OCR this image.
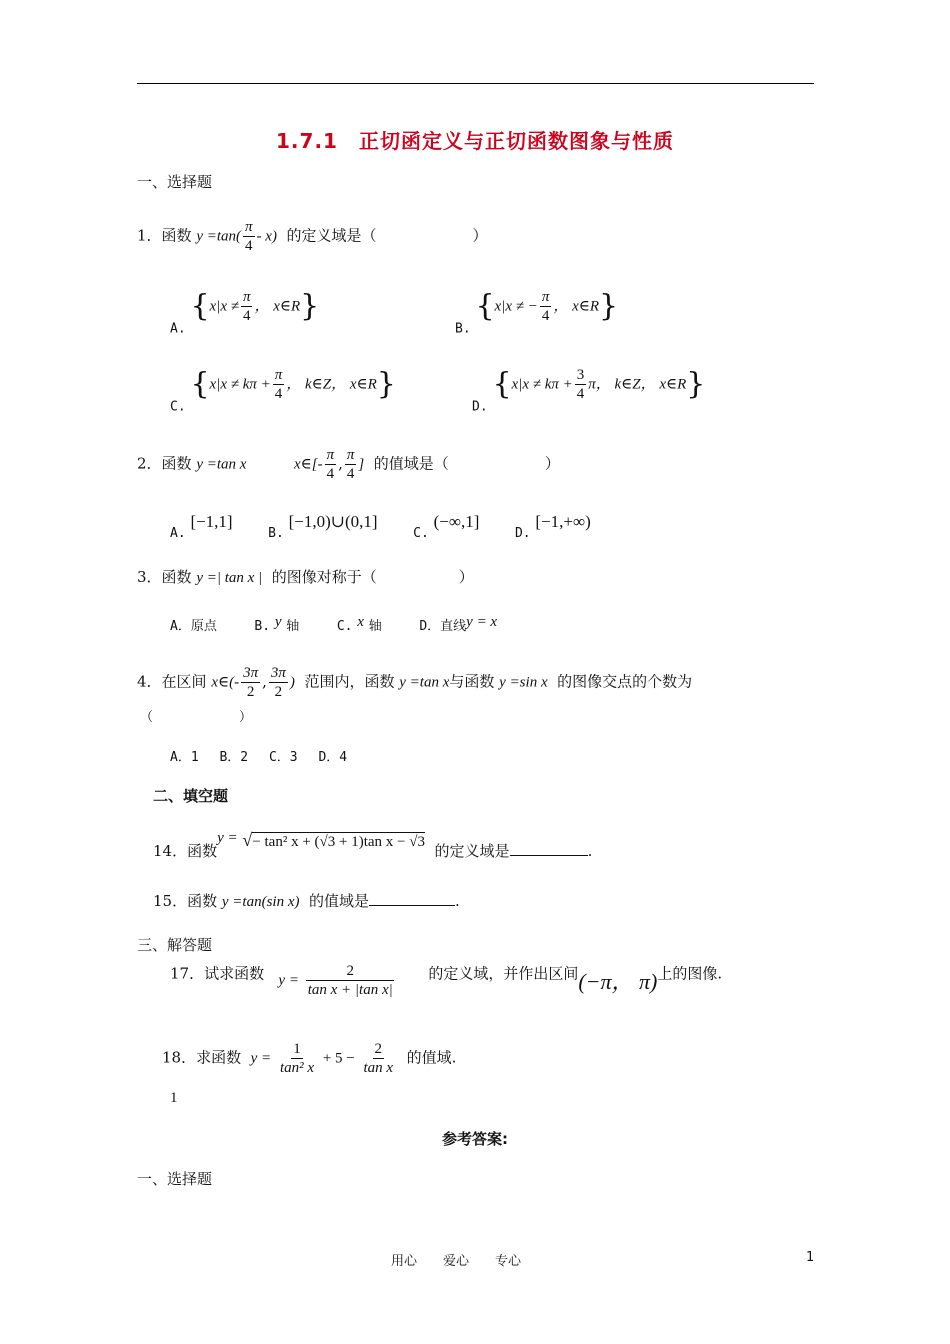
1.7.1　正切函定义与正切函数图象与性质
一、选择题
1．函数 $y =\tan( \frac{\pi}{4} - x)$ 的定义域是（	）
A. {$x|x \ne \frac{\pi}{4}$ ， x∈R}
B. {x|x ≠ − $\frac{\pi}{4}$ ， x∈R}
C. {$x|x \ne k\pi + \frac{\pi}{4}$ ， k∈Z， x∈R}
D. {$x|x \ne k\pi + \frac{3}{4}$ π， k∈Z， x∈R}
2．函数 y =tan x	x∈[- $\frac{\pi}{4}$ , $\frac{\pi}{4}$ ] 的值域是（	）
A. [−1,1]  B. [−1,0)∪(0,1]  C. (−∞,1]  D. [−1,+∞)
3．函数 y =| tan x | 的图像对称于（	）
A．原点	B. y 轴	C. x 轴	D．直线y = x
4．在区间 x∈(- $\frac{3\pi}{2}$ , $\frac{3\pi}{2}$ ) 范围内，函数 y =tan x与函数 y =sin x 的图像交点的个数为
（	）
A．1　 B．2　 C．3　 D．4
二、填空题
14．函数y = √− tan² x + (√3 + 1)tan x − √3 的定义域是	.
15．函数 y =tan(sin x) 的值域是	.
三、解答题
17．试求函数 $y = \frac{2}{\text{tan x + |tan x|}}$ 的定义域，并作出区间(−π， π)上的图像.
18．求函数 $y = \frac{1}{\text{tan² x}} + 5 - \frac{2}{\text{tan x}}$ 的值域.
1
参考答案:
一、选择题
用心　　爱心　　专心	1
